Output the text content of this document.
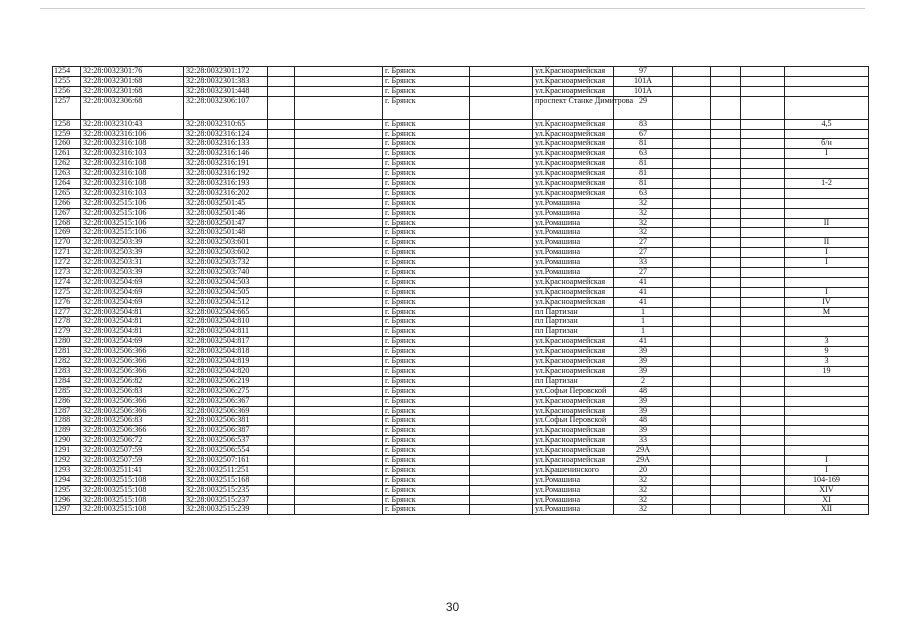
1254	32:28:0032301:76	32:28:0032301:172			г. Брянск		ул.Красноармейская	97				
1255	32:28:0032301:68	32:28:0032301:383			г. Брянск		ул.Красноармейская	101А				
1256	32:28:0032301:68	32:28:0032301:448			г. Брянск		ул.Красноармейская	101А				
1257	32:28:0032306:68	32:28:0032306:107			г. Брянск		проспект Станке Димитрова	29				
1258	32:28:0032310:43	32:28:0032310:65			г. Брянск		ул.Красноармейская	83				4,5
1259	32:28:0032316:106	32:28:0032316:124			г. Брянск		ул.Красноармейская	67				
1260	32:28:0032316:108	32:28:0032316:133			г. Брянск		ул.Красноармейская	81				б/н
1261	32:28:0032316:103	32:28:0032316:146			г. Брянск		ул.Красноармейская	63				I
1262	32:28:0032316:108	32:28:0032316:191			г. Брянск		ул.Красноармейская	81				
1263	32:28:0032316:108	32:28:0032316:192			г. Брянск		ул.Красноармейская	81				
1264	32:28:0032316:108	32:28:0032316:193			г. Брянск		ул.Красноармейская	81				1-2
1265	32:28:0032316:103	32:28:0032316:202			г. Брянск		ул.Красноармейская	63				
1266	32:28:0032515:106	32:28:0032501:45			г. Брянск		ул.Ромашина	32				
1267	32:28:0032515:106	32:28:0032501:46			г. Брянск		ул.Ромашина	32				
1268	32:28:0032515:106	32:28:0032501:47			г. Брянск		ул.Ромашина	32				II
1269	32:28:0032515:106	32:28:0032501:48			г. Брянск		ул.Ромашина	32				
1270	32:28:0032503:39	32:28:0032503:601			г. Брянск		ул.Ромашина	27				II
1271	32:28:0032503:39	32:28:0032503:602			г. Брянск		ул.Ромашина	27				I
1272	32:28:0032503:31	32:28:0032503:732			г. Брянск		ул.Ромашина	33				I
1273	32:28:0032503:39	32:28:0032503:740			г. Брянск		ул.Ромашина	27				
1274	32:28:0032504:69	32:28:0032504:503			г. Брянск		ул.Красноармейская	41				
1275	32:28:0032504:69	32:28:0032504:505			г. Брянск		ул.Красноармейская	41				I
1276	32:28:0032504:69	32:28:0032504:512			г. Брянск		ул.Красноармейская	41				IV
1277	32:28:0032504:81	32:28:0032504:665			г. Брянск		пл Партизан	1				М
1278	32:28:0032504:81	32:28:0032504:810			г. Брянск		пл Партизан	1				
1279	32:28:0032504:81	32:28:0032504:811			г. Брянск		пл Партизан	1				
1280	32:28:0032504:69	32:28:0032504:817			г. Брянск		ул.Красноармейская	41				3
1281	32:28:0032506:366	32:28:0032504:818			г. Брянск		ул.Красноармейская	39				9
1282	32:28:0032506:366	32:28:0032504:819			г. Брянск		ул.Красноармейская	39				3
1283	32:28:0032506:366	32:28:0032504:820			г. Брянск		ул.Красноармейская	39				19
1284	32:28:0032506:82	32:28:0032506:219			г. Брянск		пл Партизан	2				
1285	32:28:0032506:83	32:28:0032506:275			г. Брянск		ул.Софьи Перовской	48				
1286	32:28:0032506:366	32:28:0032506:367			г. Брянск		ул.Красноармейская	39				
1287	32:28:0032506:366	32:28:0032506:369			г. Брянск		ул.Красноармейская	39				
1288	32:28:0032506:83	32:28:0032506:381			г. Брянск		ул.Софьи Перовской	48				
1289	32:28:0032506:366	32:28:0032506:387			г. Брянск		ул.Красноармейская	39				
1290	32:28:0032506:72	32:28:0032506:537			г. Брянск		ул.Красноармейская	33				
1291	32:28:0032507:59	32:28:0032506:554			г. Брянск		ул.Красноармейская	29А				
1292	32:28:0032507:59	32:28:0032507:161			г. Брянск		ул.Красноармейская	29А				I
1293	32:28:0032511:41	32:28:0032511:251			г. Брянск		ул.Крашенинского	20				I
1294	32:28:0032515:108	32:28:0032515:168			г. Брянск		ул.Ромашина	32				104-169
1295	32:28:0032515:108	32:28:0032515:235			г. Брянск		ул.Ромашина	32				XIV
1296	32:28:0032515:108	32:28:0032515:237			г. Брянск		ул.Ромашина	32				XI
1297	32:28:0032515:108	32:28:0032515:239			г. Брянск		ул.Ромашина	32				XII
30
